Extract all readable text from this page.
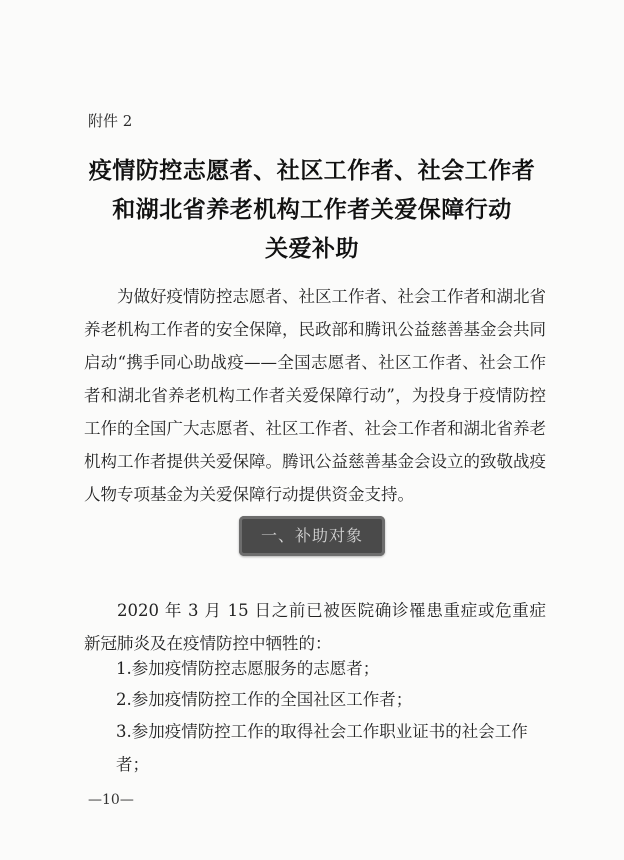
附件 2
疫情防控志愿者、社区工作者、社会工作者
和湖北省养老机构工作者关爱保障行动
关爱补助
为做好疫情防控志愿者、社区工作者、社会工作者和湖北省养老机构工作者的安全保障，民政部和腾讯公益慈善基金会共同启动“携手同心助战疫——全国志愿者、社区工作者、社会工作者和湖北省养老机构工作者关爱保障行动”，为投身于疫情防控工作的全国广大志愿者、社区工作者、社会工作者和湖北省养老机构工作者提供关爱保障。腾讯公益慈善基金会设立的致敬战疫人物专项基金为关爱保障行动提供资金支持。
一、补助对象
2020 年 3 月 15 日之前已被医院确诊罹患重症或危重症新冠肺炎及在疫情防控中牺牲的：
1.参加疫情防控志愿服务的志愿者；
2.参加疫情防控工作的全国社区工作者；
3.参加疫情防控工作的取得社会工作职业证书的社会工作者；
—10—
